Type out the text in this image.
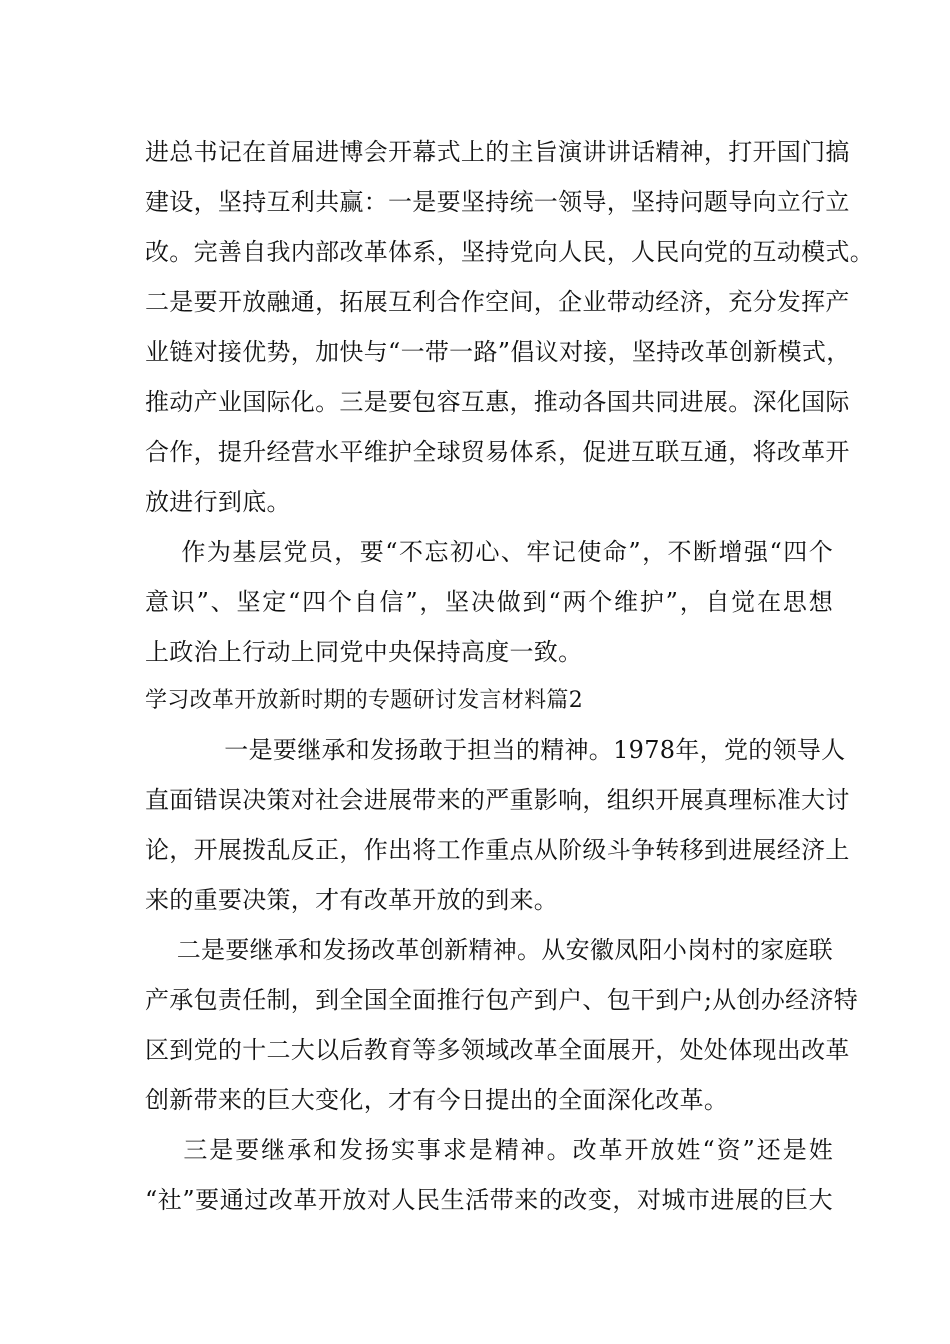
进总书记在首届进博会开幕式上的主旨演讲讲话精神，打开国门搞
建设，坚持互利共赢：一是要坚持统一领导，坚持问题导向立行立
改。完善自我内部改革体系，坚持党向人民，人民向党的互动模式。
二是要开放融通，拓展互利合作空间，企业带动经济，充分发挥产
业链对接优势，加快与“一带一路”倡议对接，坚持改革创新模式，
推动产业国际化。三是要包容互惠，推动各国共同进展。深化国际
合作，提升经营水平维护全球贸易体系，促进互联互通，将改革开
放进行到底。
作为基层党员，要“不忘初心、牢记使命”，不断增强“四个
意识”、坚定“四个自信”，坚决做到“两个维护”，自觉在思想
上政治上行动上同党中央保持高度一致。
学习改革开放新时期的专题研讨发言材料篇2
一是要继承和发扬敢于担当的精神。1978年，党的领导人
直面错误决策对社会进展带来的严重影响，组织开展真理标准大讨
论，开展拨乱反正，作出将工作重点从阶级斗争转移到进展经济上
来的重要决策，才有改革开放的到来。
二是要继承和发扬改革创新精神。从安徽凤阳小岗村的家庭联
产承包责任制，到全国全面推行包产到户、包干到户;从创办经济特
区到党的十二大以后教育等多领域改革全面展开，处处体现出改革
创新带来的巨大变化，才有今日提出的全面深化改革。
三是要继承和发扬实事求是精神。改革开放姓“资”还是姓
“社”要通过改革开放对人民生活带来的改变，对城市进展的巨大
